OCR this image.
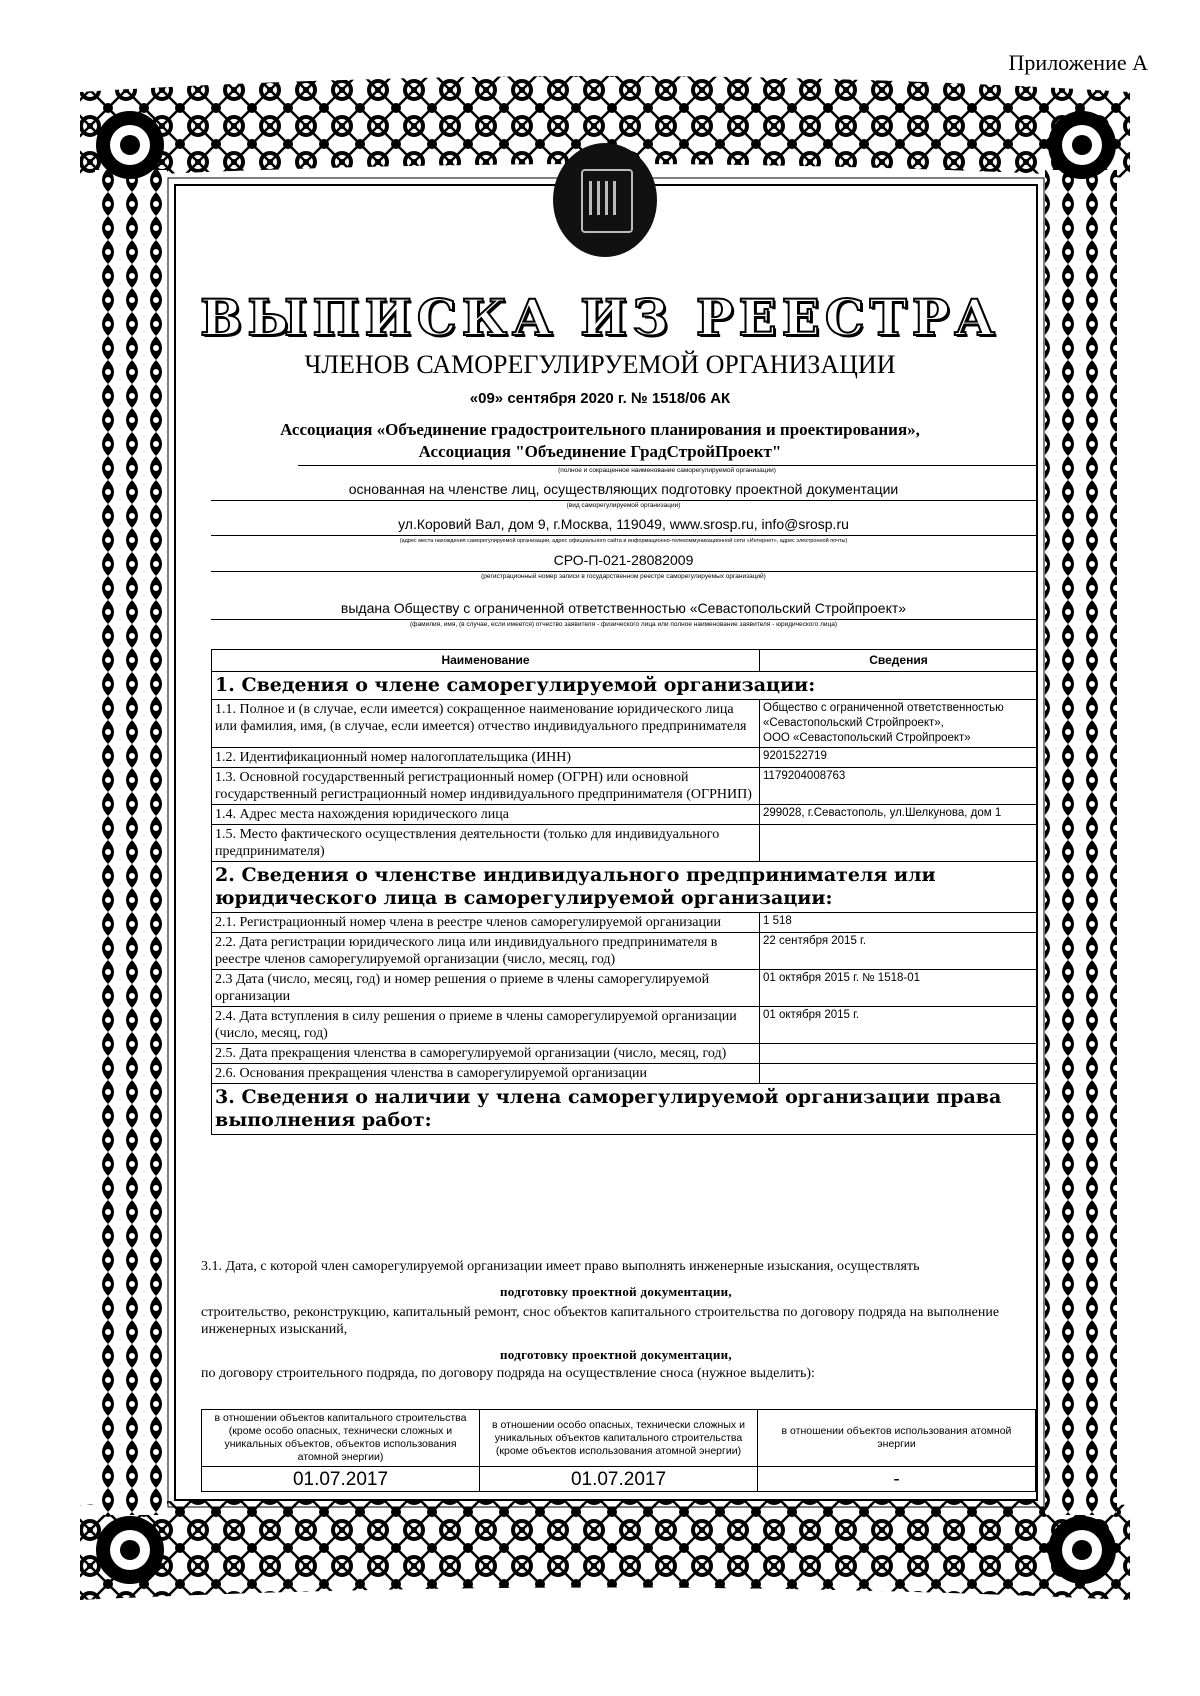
Приложение А
ВЫПИСКА ИЗ РЕЕСТРА
ЧЛЕНОВ САМОРЕГУЛИРУЕМОЙ ОРГАНИЗАЦИИ
«09» сентября 2020 г. № 1518/06 АК
Ассоциация «Объединение градостроительного планирования и проектирования»,
Ассоциация "Объединение ГрадСтройПроект"
(полное и сокращенное наименование саморегулируемой организации)
основанная на членстве лиц, осуществляющих подготовку проектной документации
(вид саморегулируемой организации)
ул.Коровий Вал, дом 9, г.Москва, 119049, www.srosp.ru, info@srosp.ru
(адрес места нахождения саморегулируемой организации, адрес официального сайта в информационно-телекоммуникационной сети «Интернет», адрес электронной почты)
СРО-П-021-28082009
(регистрационный номер записи в государственном реестре саморегулируемых организаций)
выдана Обществу с ограниченной ответственностью «Севастопольский Стройпроект»
(фамилия, имя, (в случае, если имеется) отчество заявителя - физического лица или полное наименование заявителя - юридического лица)
Наименование	Сведения
1. Сведения о члене саморегулируемой организации:	
1.1. Полное и (в случае, если имеется) сокращенное наименование юридического лица или фамилия, имя, (в случае, если имеется) отчество индивидуального предпринимателя	Общество с ограниченной ответственностью «Севастопольский Стройпроект»,
ООО «Севастопольский Стройпроект»

1.2. Идентификационный номер налогоплательщика (ИНН)	9201522719
1.3. Основной государственный регистрационный номер (ОГРН) или основной государственный регистрационный номер индивидуального предпринимателя (ОГРНИП)	1179204008763
1.4. Адрес места нахождения юридического лица	299028, г.Севастополь, ул.Шелкунова, дом 1
1.5. Место фактического осуществления деятельности (только для индивидуального предпринимателя)	
2. Сведения о членстве индивидуального предпринимателя или юридического лица в саморегулируемой организации:	
2.1. Регистрационный номер члена в реестре членов саморегулируемой организации	1 518
2.2. Дата регистрации юридического лица или индивидуального предпринимателя в реестре членов саморегулируемой организации (число, месяц, год)	22 сентября 2015 г.
2.3 Дата (число, месяц, год) и номер решения о приеме в члены саморегулируемой организации	01 октября 2015 г. № 1518-01
2.4. Дата вступления в силу решения о приеме в члены саморегулируемой организации (число, месяц, год)	01 октября 2015 г.
2.5. Дата прекращения членства в саморегулируемой организации (число, месяц, год)	
2.6. Основания прекращения членства в саморегулируемой организации	
3. Сведения о наличии у члена саморегулируемой организации права выполнения работ:	
3.1. Дата, с которой член саморегулируемой организации имеет право выполнять инженерные изыскания, осуществлять
подготовку проектной документации,
строительство, реконструкцию, капитальный ремонт, снос объектов капитального строительства по договору подряда на выполнение инженерных изысканий,
подготовку проектной документации,
по договору строительного подряда, по договору подряда на осуществление сноса (нужное выделить):
в отношении объектов капитального строительства (кроме особо опасных, технически сложных и уникальных объектов, объектов использования атомной энергии)	в отношении особо опасных, технически сложных и уникальных объектов капитального строительства (кроме объектов использования атомной энергии)	в отношении объектов использования атомной энергии
01.07.2017	01.07.2017	-
